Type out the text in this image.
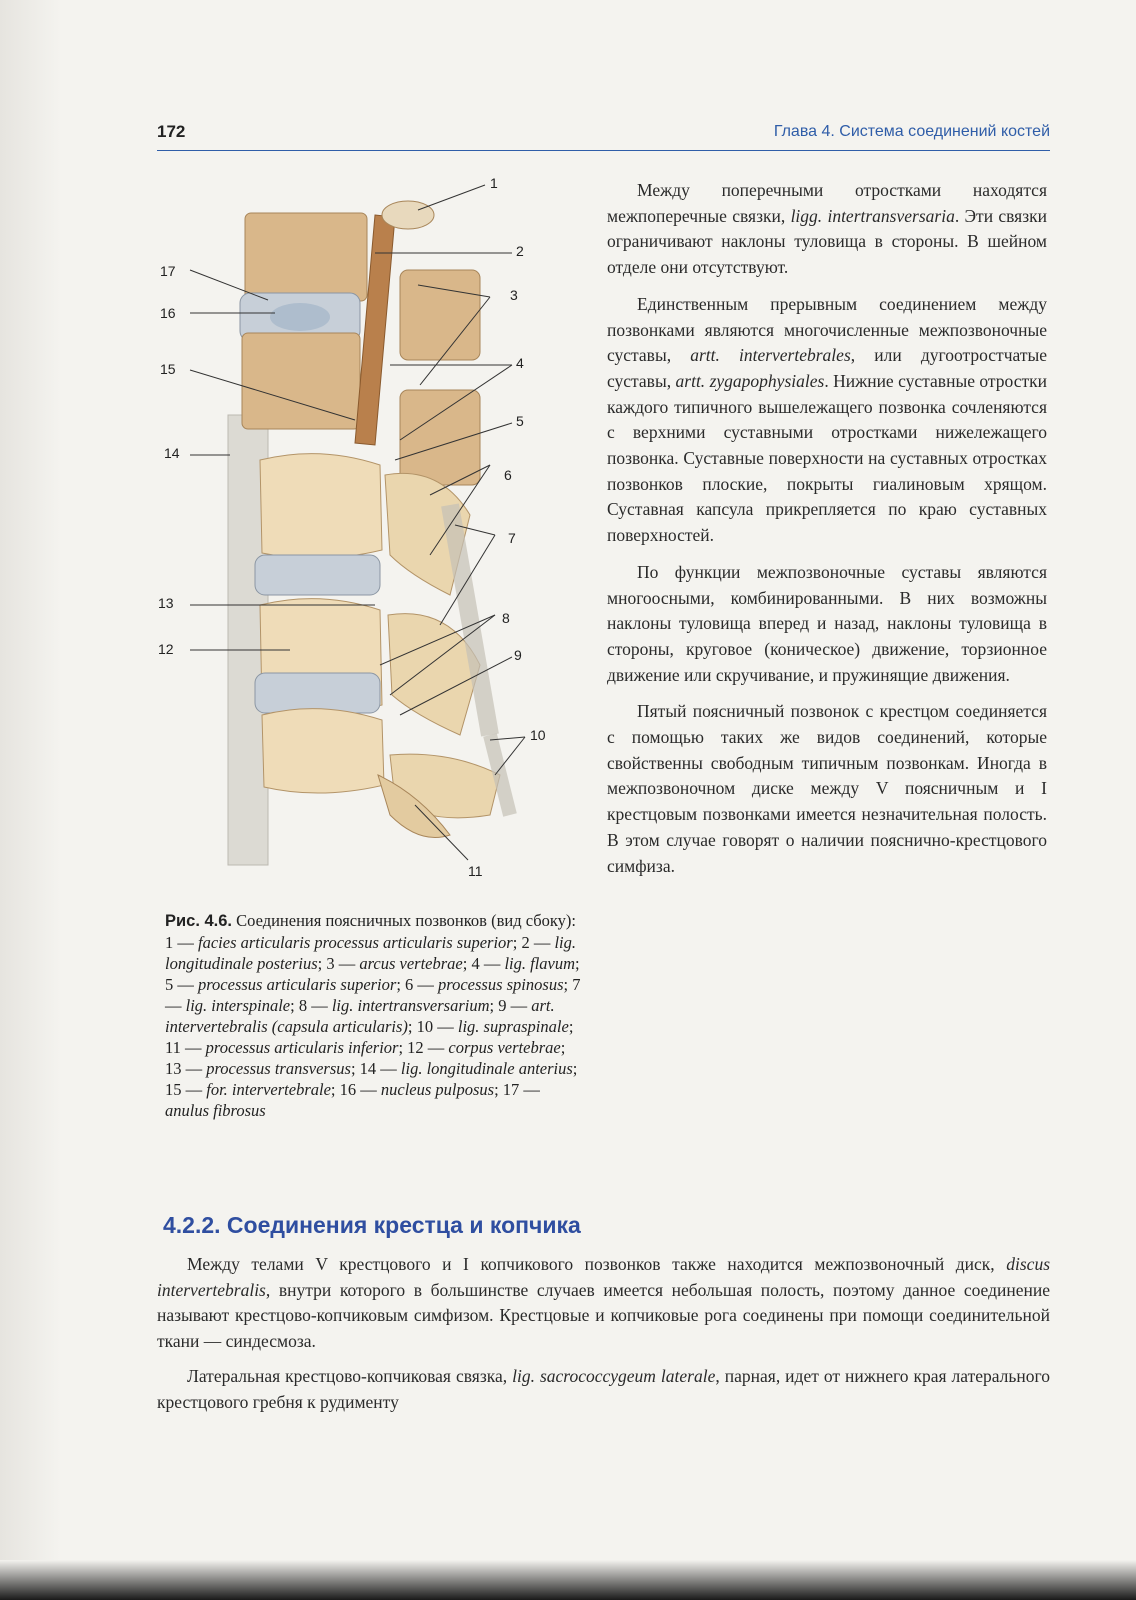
172	Глава 4. Система соединений костей
1
2
3
4
5
6
7
8
9
10
11
12
13
14
15
16
17
Рис. 4.6. Соединения поясничных позвонков (вид сбоку): 1 — facies articularis processus articularis superior; 2 — lig. longitudinale posterius; 3 — arcus vertebrae; 4 — lig. flavum; 5 — processus articularis superior; 6 — processus spinosus; 7 — lig. interspinale; 8 — lig. intertransversarium; 9 — art. intervertebralis (capsula articularis); 10 — lig. supraspinale; 11 — processus articularis inferior; 12 — corpus vertebrae; 13 — processus transversus; 14 — lig. longitudinale anterius; 15 — for. intervertebrale; 16 — nucleus pulposus; 17 — anulus fibrosus

Между поперечными отростками находятся межпоперечные связки, ligg. intertransversaria. Эти связки ограничивают наклоны туловища в стороны. В шейном отделе они отсутствуют.

Единственным прерывным соединением между позвонками являются многочисленные межпозвоночные суставы, artt. intervertebrales, или дугоотростчатые суставы, artt. zygapophysiales. Нижние суставные отростки каждого типичного вышележащего позвонка сочленяются с верхними суставными отростками нижележащего позвонка. Суставные поверхности на суставных отростках позвонков плоские, покрыты гиалиновым хрящом. Суставная капсула прикрепляется по краю суставных поверхностей.

По функции межпозвоночные суставы являются многоосными, комбинированными. В них возможны наклоны туловища вперед и назад, наклоны туловища в стороны, круговое (коническое) движение, торзионное движение или скручивание, и пружинящие движения.

Пятый поясничный позвонок с крестцом соединяется с помощью таких же видов соединений, которые свойственны свободным типичным позвонкам. Иногда в межпозвоночном диске между V поясничным и I крестцовым позвонками имеется незначительная полость. В этом случае говорят о наличии пояснично-крестцового симфиза.

4.2.2. Соединения крестца и копчика

Между телами V крестцового и I копчикового позвонков также находится межпозвоночный диск, discus intervertebralis, внутри которого в большинстве случаев имеется небольшая полость, поэтому данное соединение называют крестцово-копчиковым симфизом. Крестцовые и копчиковые рога соединены при помощи соединительной ткани — синдесмоза.

Латеральная крестцово-копчиковая связка, lig. sacrococcygeum laterale, парная, идет от нижнего края латерального крестцового гребня к рудименту
